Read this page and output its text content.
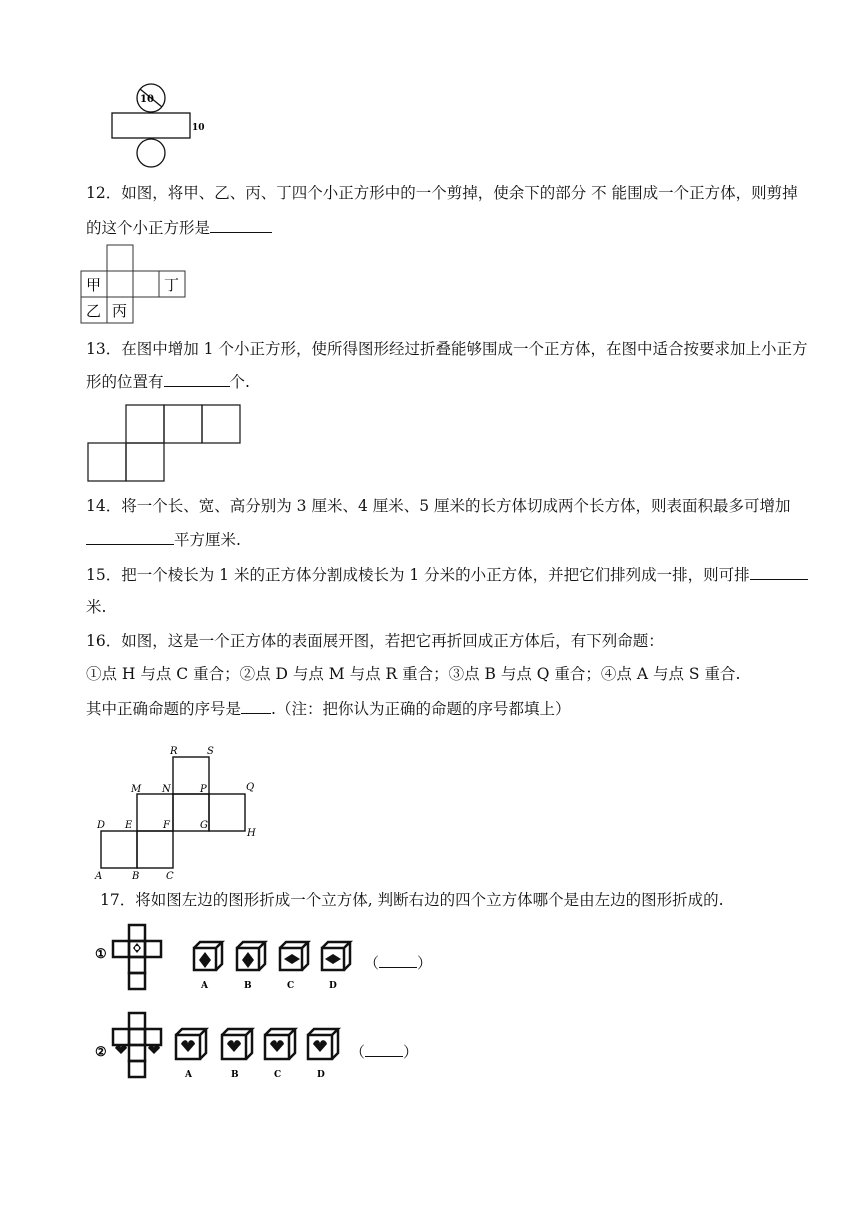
10
10
12．如图，将甲、乙、丙、丁四个小正方形中的一个剪掉，使余下的部分 不 能围成一个正方体，则剪掉
的这个小正方形是
甲
乙 丙
丁
13．在图中增加 1 个小正方形，使所得图形经过折叠能够围成一个正方体，在图中适合按要求加上小正方
形的位置有	个.
14．将一个长、宽、高分别为 3 厘米、4 厘米、5 厘米的长方体切成两个长方体，则表面积最多可增加
平方厘米.
15．把一个棱长为 1 米的正方体分割成棱长为 1 分米的小正方体，并把它们排列成一排，则可排
米.
16．如图，这是一个正方体的表面展开图，若把它再折回成正方体后，有下列命题：
①点 H 与点 C 重合；②点 D 与点 M 与点 R 重合；③点 B 与点 Q 重合；④点 A 与点 S 重合.
其中正确命题的序号是 .（注：把你认为正确的命题的序号都填上）
R	S
M N	P	Q
D E	F	G
H
A	B	C
17．将如图左边的图形折成一个立方体, 判断右边的四个立方体哪个是由左边的图形折成的.
①
A	B	C	D
（	）
②
A	B	C	D
（	）
